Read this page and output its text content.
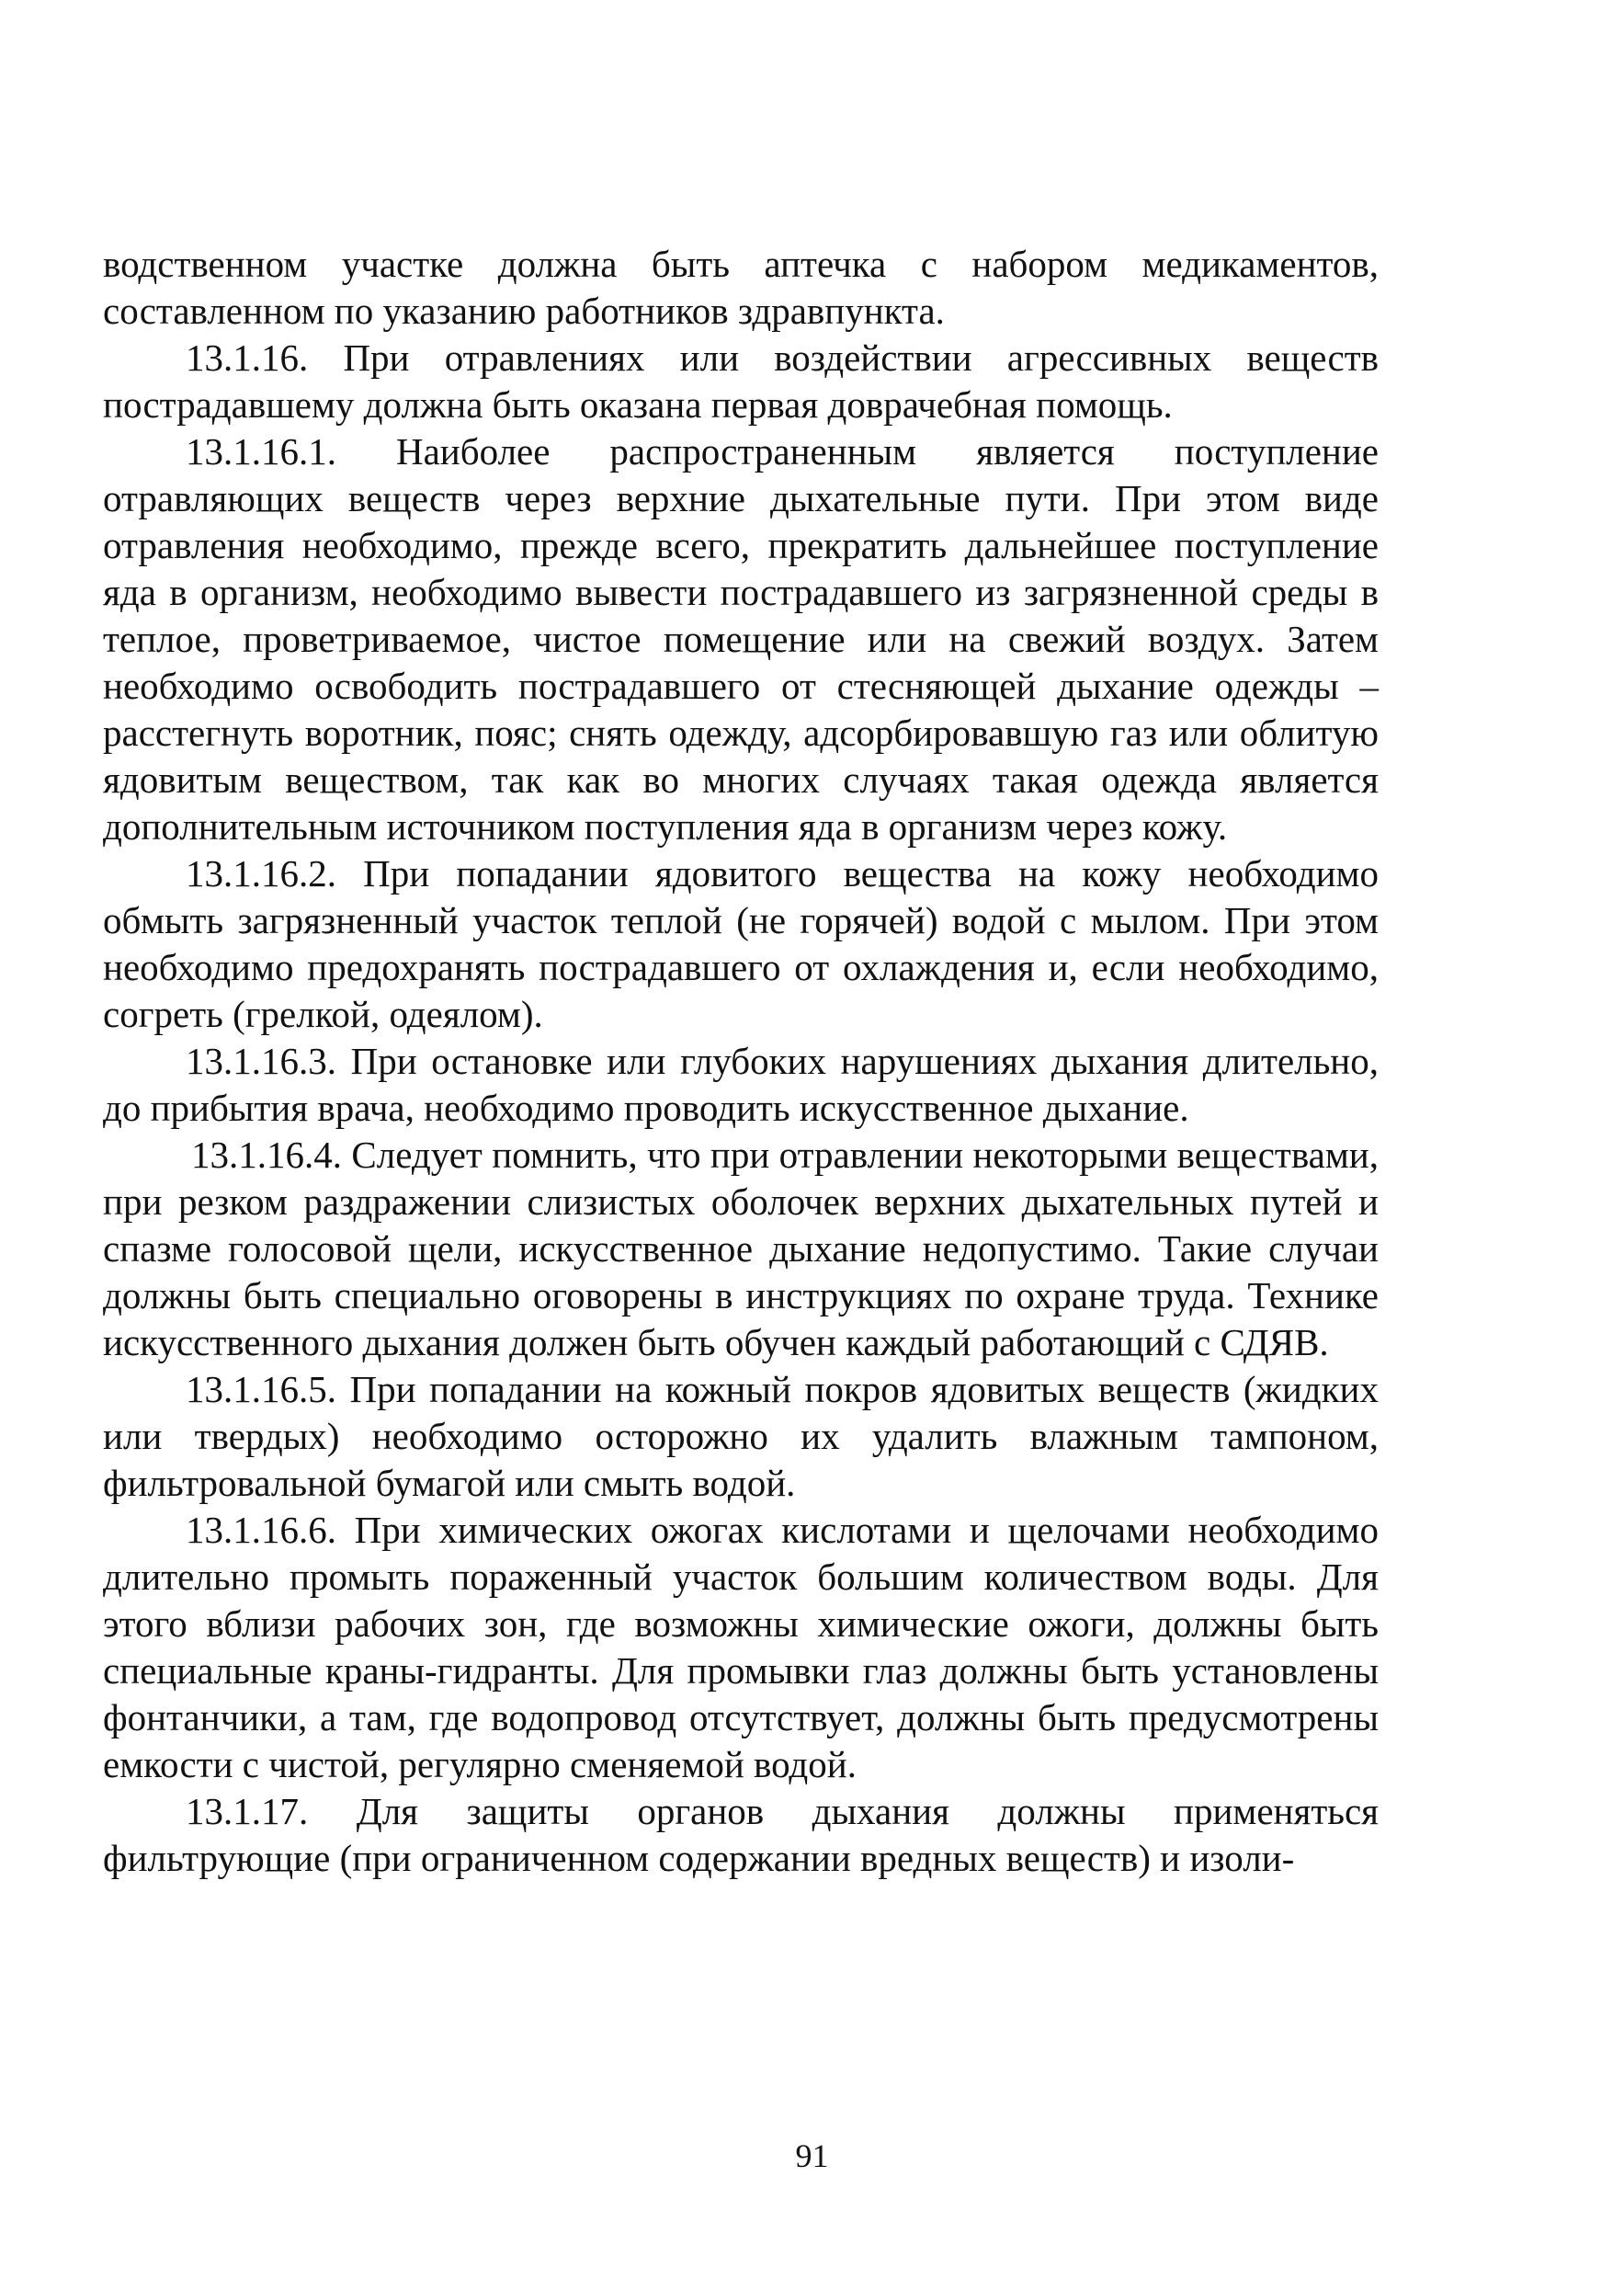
водственном участке должна быть аптечка с набором медикаментов, составленном по указанию работников здравпункта.

13.1.16. При отравлениях или воздействии агрессивных веществ пострадавшему должна быть оказана первая доврачебная помощь.

13.1.16.1. Наиболее распространенным является поступление отравляющих веществ через верхние дыхательные пути. При этом виде отравления необходимо, прежде всего, прекратить дальнейшее поступление яда в организм, необходимо вывести пострадавшего из загрязненной среды в теплое, проветриваемое, чистое помещение или на свежий воздух. Затем необходимо освободить пострадавшего от стесняющей дыхание одежды – расстегнуть воротник, пояс; снять одежду, адсорбировавшую газ или облитую ядовитым веществом, так как во многих случаях такая одежда является дополнительным источником поступления яда в организм через кожу.

13.1.16.2. При попадании ядовитого вещества на кожу необходимо обмыть загрязненный участок теплой (не горячей) водой с мылом. При этом необходимо предохранять пострадавшего от охлаждения и, если необходимо, согреть (грелкой, одеялом).

13.1.16.3. При остановке или глубоких нарушениях дыхания длительно, до прибытия врача, необходимо проводить искусственное дыхание.

13.1.16.4. Следует помнить, что при отравлении некоторыми веществами, при резком раздражении слизистых оболочек верхних дыхательных путей и спазме голосовой щели, искусственное дыхание недопустимо. Такие случаи должны быть специально оговорены в инструкциях по охране труда. Технике искусственного дыхания должен быть обучен каждый работающий с СДЯВ.

13.1.16.5. При попадании на кожный покров ядовитых веществ (жидких или твердых) необходимо осторожно их удалить влажным тампоном, фильтровальной бумагой или смыть водой.

13.1.16.6. При химических ожогах кислотами и щелочами необходимо длительно промыть пораженный участок большим количеством воды. Для этого вблизи рабочих зон, где возможны химические ожоги, должны быть специальные краны-гидранты. Для промывки глаз должны быть установлены фонтанчики, а там, где водопровод отсутствует, должны быть предусмотрены емкости с чистой, регулярно сменяемой водой.

13.1.17. Для защиты органов дыхания должны применяться фильтрующие (при ограниченном содержании вредных веществ) и изоли-

91
